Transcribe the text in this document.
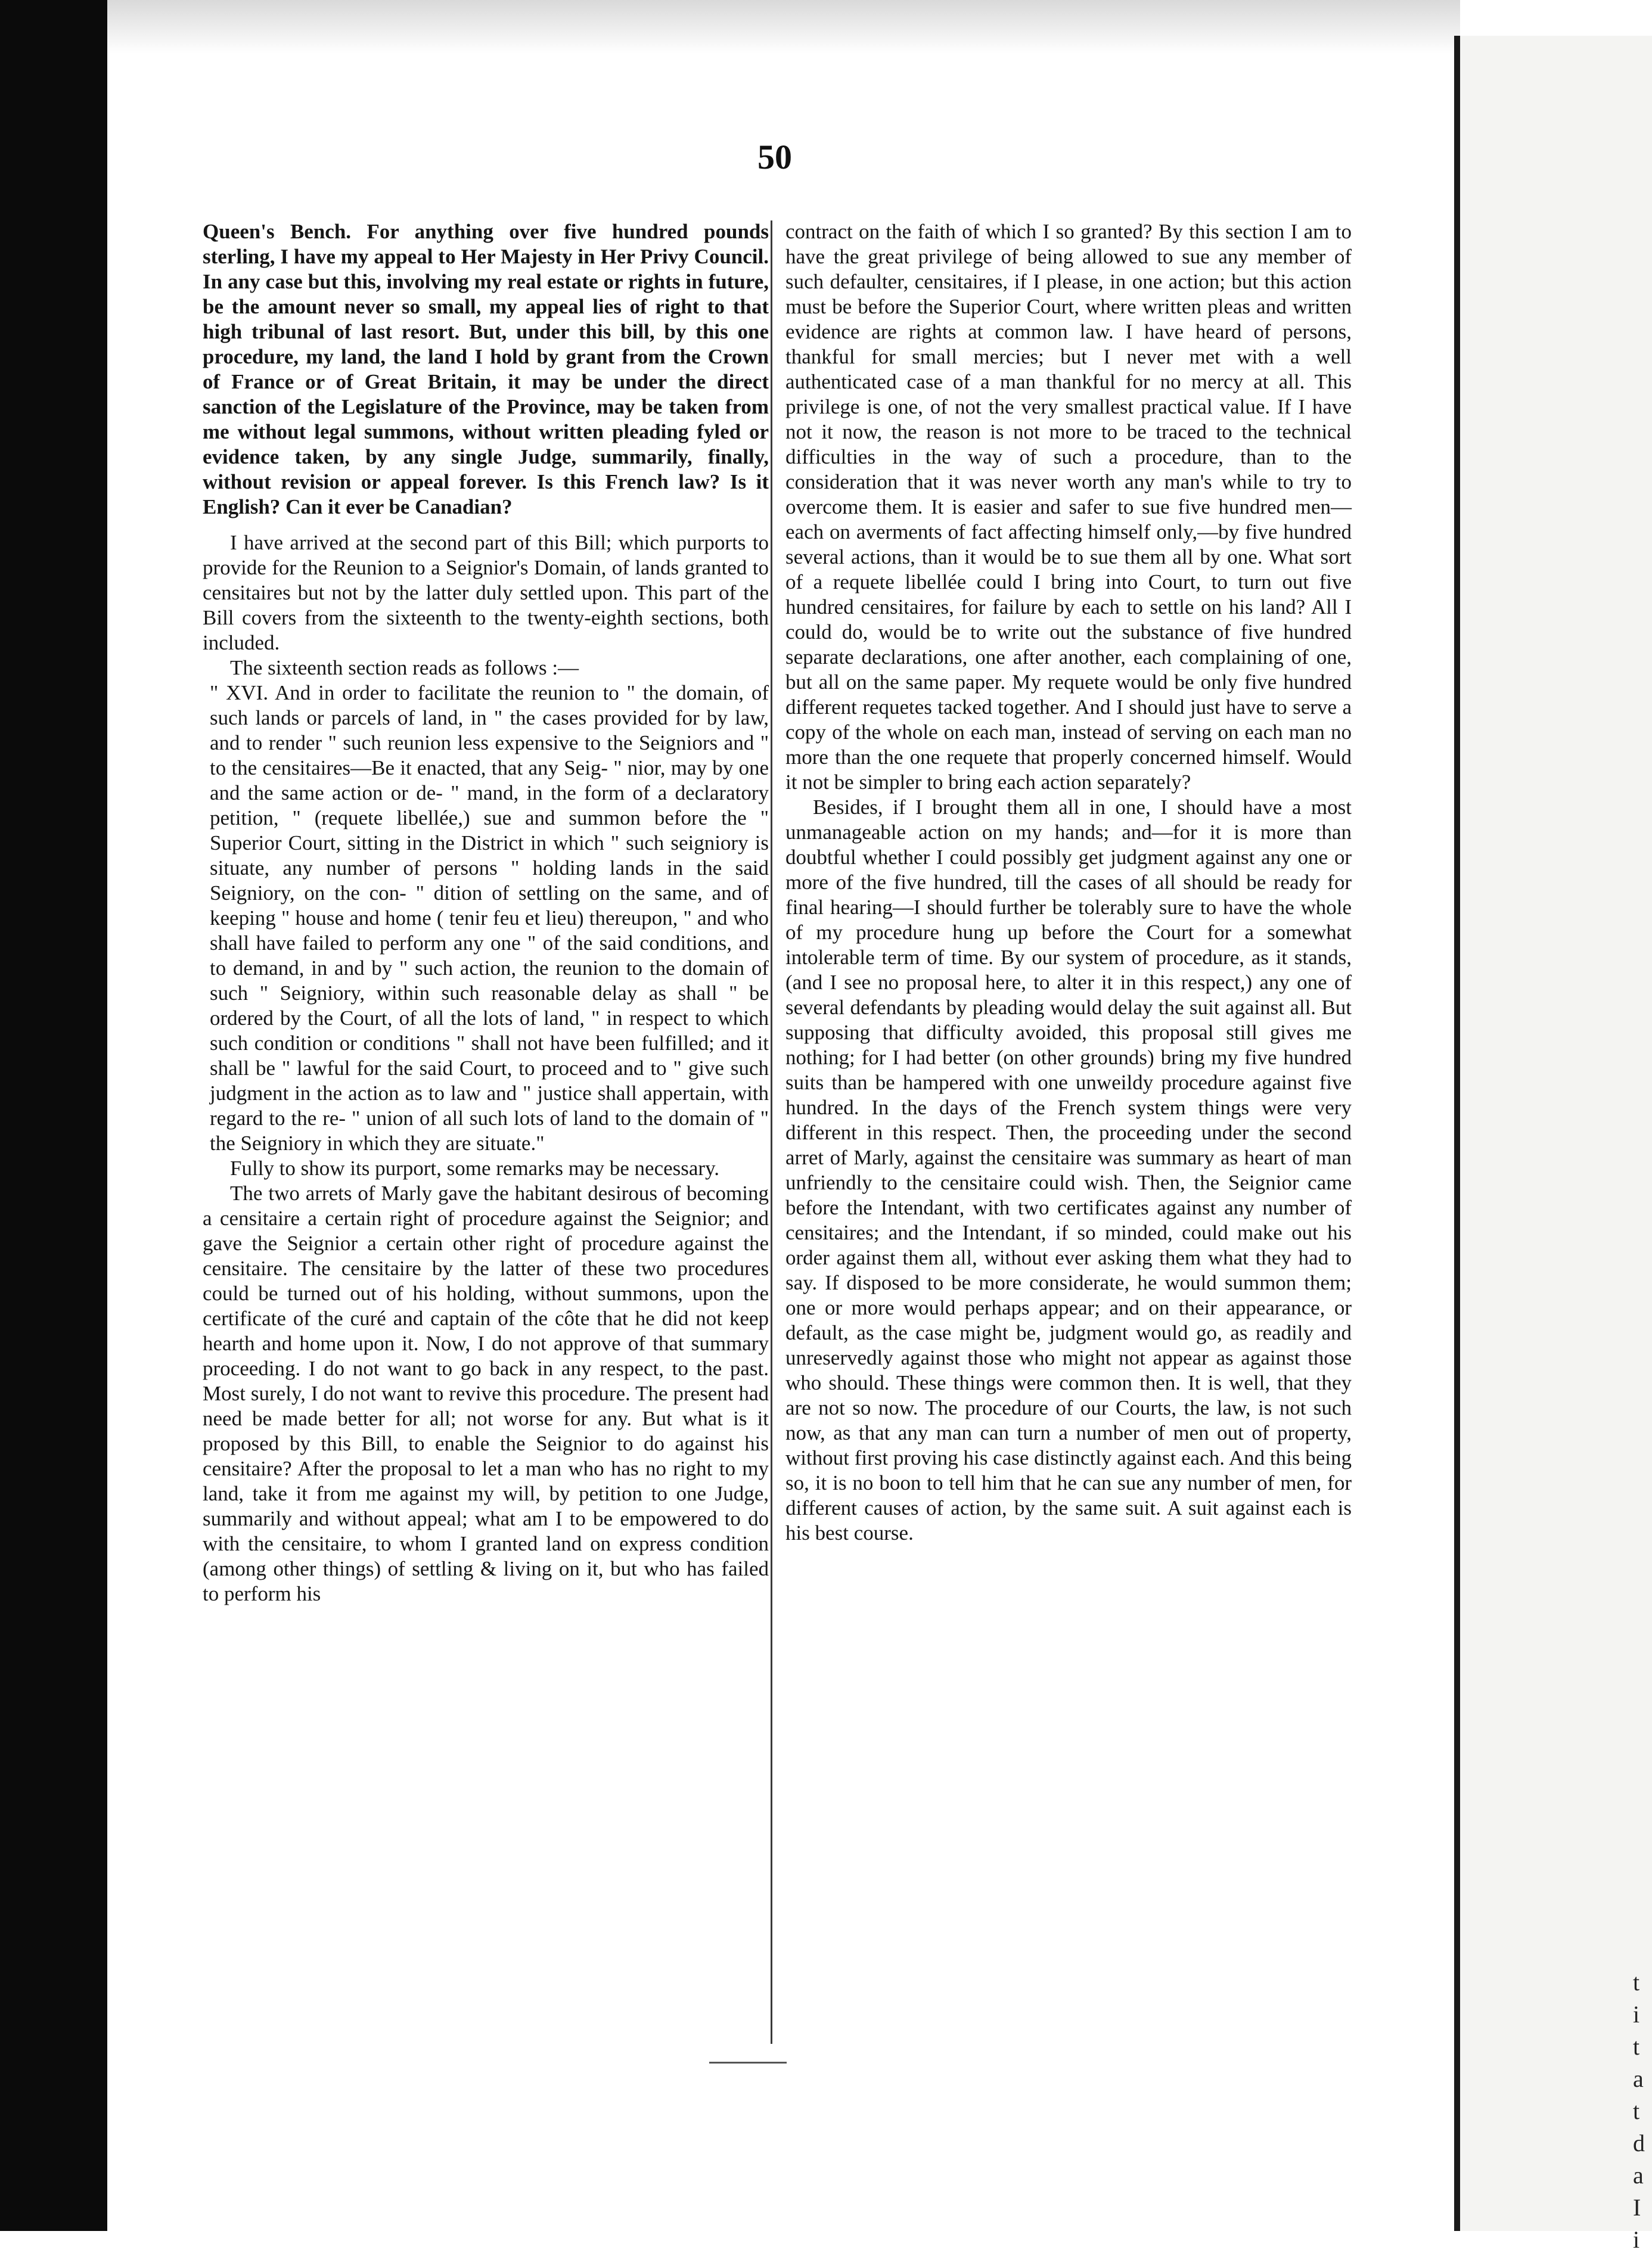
t
i
t
a
t
d
a
I
i
50

Queen's Bench. For anything over five hundred pounds sterling, I have my appeal to Her Majesty in Her Privy Council. In any case but this, involving my real estate or rights in future, be the amount never so small, my appeal lies of right to that high tribunal of last resort. But, under this bill, by this one procedure, my land, the land I hold by grant from the Crown of France or of Great Britain, it may be under the direct sanction of the Legislature of the Province, may be taken from me without legal summons, without written pleading fyled or evidence taken, by any single Judge, summarily, finally, without revision or appeal forever. Is this French law? Is it English? Can it ever be Canadian?

I have arrived at the second part of this Bill; which purports to provide for the Reunion to a Seignior's Domain, of lands granted to censitaires but not by the latter duly settled upon. This part of the Bill covers from the sixteenth to the twenty-eighth sections, both included.

The sixteenth section reads as follows :—

" XVI. And in order to facilitate the reunion to " the domain, of such lands or parcels of land, in " the cases provided for by law, and to render " such reunion less expensive to the Seigniors and " to the censitaires—Be it enacted, that any Seig- " nior, may by one and the same action or de- " mand, in the form of a declaratory petition, " (requete libellée,) sue and summon before the " Superior Court, sitting in the District in which " such seigniory is situate, any number of persons " holding lands in the said Seigniory, on the con- " dition of settling on the same, and of keeping " house and home ( tenir feu et lieu) thereupon, " and who shall have failed to perform any one " of the said conditions, and to demand, in and by " such action, the reunion to the domain of such " Seigniory, within such reasonable delay as shall " be ordered by the Court, of all the lots of land, " in respect to which such condition or conditions " shall not have been fulfilled; and it shall be " lawful for the said Court, to proceed and to " give such judgment in the action as to law and " justice shall appertain, with regard to the re- " union of all such lots of land to the domain of " the Seigniory in which they are situate."

Fully to show its purport, some remarks may be necessary.

The two arrets of Marly gave the habitant desirous of becoming a censitaire a certain right of procedure against the Seignior; and gave the Seignior a certain other right of procedure against the censitaire. The censitaire by the latter of these two procedures could be turned out of his holding, without summons, upon the certificate of the curé and captain of the côte that he did not keep hearth and home upon it. Now, I do not approve of that summary proceeding. I do not want to go back in any respect, to the past. Most surely, I do not want to revive this procedure. The present had need be made better for all; not worse for any. But what is it proposed by this Bill, to enable the Seignior to do against his censitaire? After the proposal to let a man who has no right to my land, take it from me against my will, by petition to one Judge, summarily and without appeal; what am I to be empowered to do with the censitaire, to whom I granted land on express condition (among other things) of settling & living on it, but who has failed to perform his

contract on the faith of which I so granted? By this section I am to have the great privilege of being allowed to sue any member of such defaulter, censitaires, if I please, in one action; but this action must be before the Superior Court, where written pleas and written evidence are rights at common law. I have heard of persons, thankful for small mercies; but I never met with a well authenticated case of a man thankful for no mercy at all. This privilege is one, of not the very smallest practical value. If I have not it now, the reason is not more to be traced to the technical difficulties in the way of such a procedure, than to the consideration that it was never worth any man's while to try to overcome them. It is easier and safer to sue five hundred men—each on averments of fact affecting himself only,—by five hundred several actions, than it would be to sue them all by one. What sort of a requete libellée could I bring into Court, to turn out five hundred censitaires, for failure by each to settle on his land? All I could do, would be to write out the substance of five hundred separate declarations, one after another, each complaining of one, but all on the same paper. My requete would be only five hundred different requetes tacked together. And I should just have to serve a copy of the whole on each man, instead of serving on each man no more than the one requete that properly concerned himself. Would it not be simpler to bring each action separately?

Besides, if I brought them all in one, I should have a most unmanageable action on my hands; and—for it is more than doubtful whether I could possibly get judgment against any one or more of the five hundred, till the cases of all should be ready for final hearing—I should further be tolerably sure to have the whole of my procedure hung up before the Court for a somewhat intolerable term of time. By our system of procedure, as it stands, (and I see no proposal here, to alter it in this respect,) any one of several defendants by pleading would delay the suit against all. But supposing that difficulty avoided, this proposal still gives me nothing; for I had better (on other grounds) bring my five hundred suits than be hampered with one unweildy procedure against five hundred. In the days of the French system things were very different in this respect. Then, the proceeding under the second arret of Marly, against the censitaire was summary as heart of man unfriendly to the censitaire could wish. Then, the Seignior came before the Intendant, with two certificates against any number of censitaires; and the Intendant, if so minded, could make out his order against them all, without ever asking them what they had to say. If disposed to be more considerate, he would summon them; one or more would perhaps appear; and on their appearance, or default, as the case might be, judgment would go, as readily and unreservedly against those who might not appear as against those who should. These things were common then. It is well, that they are not so now. The procedure of our Courts, the law, is not such now, as that any man can turn a number of men out of property, without first proving his case distinctly against each. And this being so, it is no boon to tell him that he can sue any number of men, for different causes of action, by the same suit. A suit against each is his best course.
